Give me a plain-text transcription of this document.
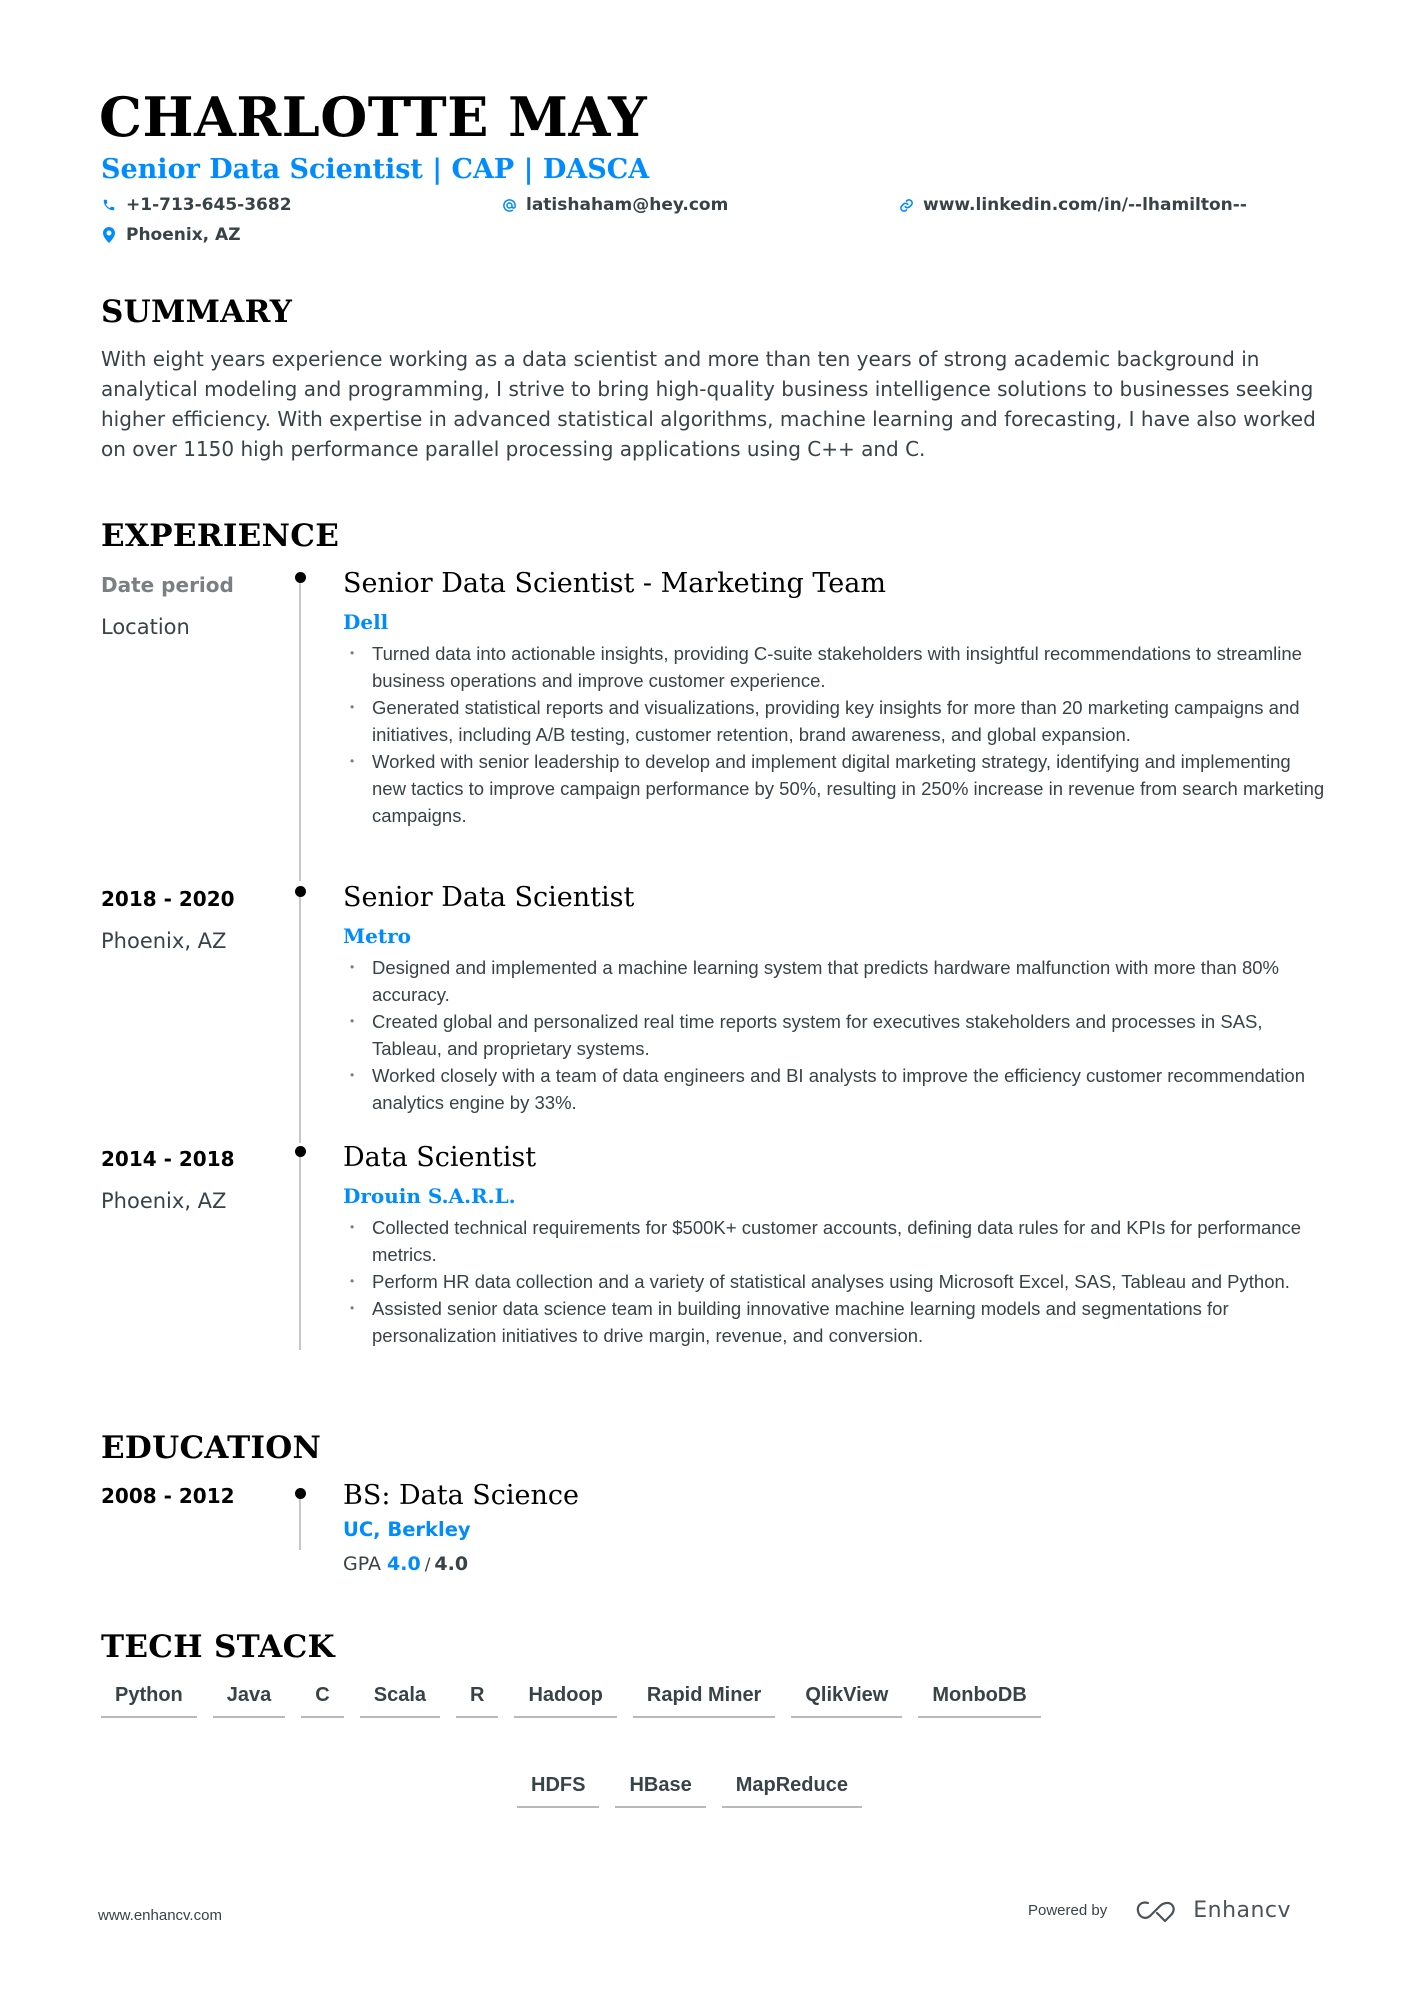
CHARLOTTE MAY
Senior Data Scientist | CAP | DASCA
+1-713-645-3682	latishaham@hey.com	www.linkedin.com/in/--lhamilton--
Phoenix, AZ
SUMMARY

With eight years experience working as a data scientist and more than ten years of strong academic background in analytical modeling and programming, I strive to bring high-quality business intelligence solutions to businesses seeking higher efficiency. With expertise in advanced statistical algorithms, machine learning and forecasting, I have also worked on over 1150 high performance parallel processing applications using C++ and C.

EXPERIENCE
Date period
Location
Senior Data Scientist - Marketing Team
Dell
• Turned data into actionable insights, providing C-suite stakeholders with insightful recommendations to streamline business operations and improve customer experience.
• Generated statistical reports and visualizations, providing key insights for more than 20 marketing campaigns and initiatives, including A/B testing, customer retention, brand awareness, and global expansion.
• Worked with senior leadership to develop and implement digital marketing strategy, identifying and implementing new tactics to improve campaign performance by 50%, resulting in 250% increase in revenue from search marketing campaigns.
2018 - 2020
Phoenix, AZ
Senior Data Scientist
Metro
• Designed and implemented a machine learning system that predicts hardware malfunction with more than 80% accuracy.
• Created global and personalized real time reports system for executives stakeholders and processes in SAS, Tableau, and proprietary systems.
• Worked closely with a team of data engineers and BI analysts to improve the efficiency customer recommendation analytics engine by 33%.
2014 - 2018
Phoenix, AZ
Data Scientist
Drouin S.A.R.L.
• Collected technical requirements for $500K+ customer accounts, defining data rules for and KPIs for performance metrics.
• Perform HR data collection and a variety of statistical analyses using Microsoft Excel, SAS, Tableau and Python.
• Assisted senior data science team in building innovative machine learning models and segmentations for personalization initiatives to drive margin, revenue, and conversion.
EDUCATION
2008 - 2012	BS: Data Science
UC, Berkley
GPA 4.0 / 4.0
TECH STACK
Python	Java	C	Scala	R	Hadoop	Rapid Miner	QlikView	MonboDB
HDFS	HBase	MapReduce
www.enhancv.com	Powered by	Enhancv
